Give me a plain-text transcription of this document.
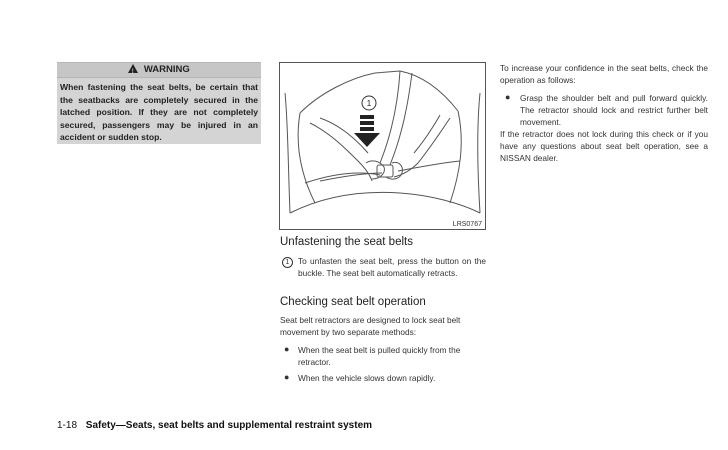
! WARNING
When fastening the seat belts, be certain that the seatbacks are completely secured in the latched position. If they are not completely secured, passengers may be injured in an accident or sudden stop.
1
LRS0767
Unfastening the seat belts
1	To unfasten the seat belt, press the button on the buckle. The seat belt automatically retracts.
Checking seat belt operation
Seat belt retractors are designed to lock seat belt movement by two separate methods:
● When the seat belt is pulled quickly from the retractor.
● When the vehicle slows down rapidly.
To increase your confidence in the seat belts, check the operation as follows:
● Grasp the shoulder belt and pull forward quickly. The retractor should lock and restrict further belt movement.
If the retractor does not lock during this check or if you have any questions about seat belt operation, see a NISSAN dealer.
1-18 Safety—Seats, seat belts and supplemental restraint system
